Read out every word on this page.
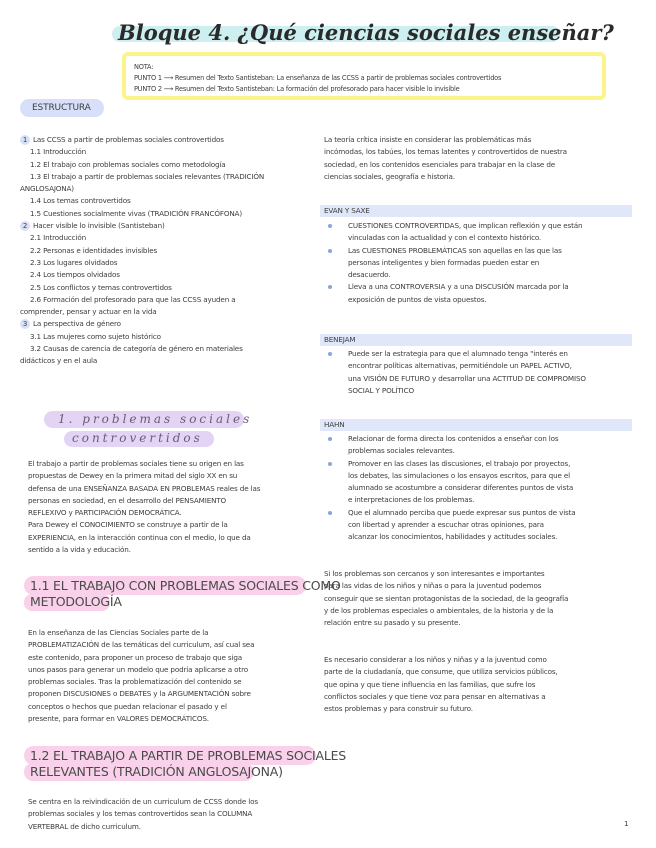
Bloque 4. ¿Qué ciencias sociales enseñar?
NOTA:
PUNTO 1 ⟶ Resumen del Texto Santisteban: La enseñanza de las CCSS a partir de problemas sociales controvertidos
PUNTO 2 ⟶ Resumen del Texto Santisteban: La formación del profesorado para hacer visible lo invisible
ESTRUCTURA
1 Las CCSS a partir de problemas sociales controvertidos
1.1 Introducción
1.2 El trabajo con problemas sociales como metodología
1.3 El trabajo a partir de problemas sociales relevantes (TRADICIÓN
ANGLOSAJONA)
1.4 Los temas controvertidos
1.5 Cuestiones socialmente vivas (TRADICIÓN FRANCÓFONA)
2 Hacer visible lo invisible (Santisteban)
2.1 Introducción
2.2 Personas e identidades invisibles
2.3 Los lugares olvidados
2.4 Los tiempos olvidados
2.5 Los conflictos y temas controvertidos
2.6 Formación del profesorado para que las CCSS ayuden a
comprender, pensar y actuar en la vida
3 La perspectiva de género
3.1 Las mujeres como sujeto histórico
3.2 Causas de carencia de categoría de género en materiales
didácticos y en el aula
1. problemas sociales
controvertidos
El trabajo a partir de problemas sociales tiene su origen en las
propuestas de Dewey en la primera mitad del siglo XX en su
defensa de una ENSEÑANZA BASADA EN PROBLEMAS reales de las
personas en sociedad, en el desarrollo del PENSAMIENTO
REFLEXIVO y PARTICIPACIÓN DEMOCRÁTICA.
Para Dewey el CONOCIMIENTO se construye a partir de la
EXPERIENCIA, en la interacción continua con el medio, lo que da
sentido a la vida y educación.
1.1 EL TRABAJO CON PROBLEMAS SOCIALES COMO
METODOLOGÍA
En la enseñanza de las Ciencias Sociales parte de la
PROBLEMATIZACIÓN de las temáticas del curriculum, así cual sea
este contenido, para proponer un proceso de trabajo que siga
unos pasos para generar un modelo que podría aplicarse a otro
problemas sociales. Tras la problematización del contenido se
proponen DISCUSIONES o DEBATES y la ARGUMENTACIÓN sobre
conceptos o hechos que puedan relacionar el pasado y el
presente, para formar en VALORES DEMOCRÁTICOS.
1.2 EL TRABAJO A PARTIR DE PROBLEMAS SOCIALES
RELEVANTES (TRADICIÓN ANGLOSAJONA)
Se centra en la reivindicación de un curriculum de CCSS donde los
problemas sociales y los temas controvertidos sean la COLUMNA
VERTEBRAL de dicho curriculum.
La teoría crítica insiste en considerar las problemáticas más
incómodas, los tabúes, los temas latentes y controvertidos de nuestra
sociedad, en los contenidos esenciales para trabajar en la clase de
ciencias sociales, geografía e historia.
EVAN Y SAXE
CUESTIONES CONTROVERTIDAS, que implican reflexión y que están
vinculadas con la actualidad y con el contexto histórico.
Las CUESTIONES PROBLEMÁTICAS son aquellas en las que las
personas inteligentes y bien formadas pueden estar en
desacuerdo.
Lleva a una CONTROVERSIA y a una DISCUSIÓN marcada por la
exposición de puntos de vista opuestos.
BENEJAM
Puede ser la estrategia para que el alumnado tenga "interés en
encontrar políticas alternativas, permitiéndole un PAPEL ACTIVO,
una VISIÓN DE FUTURO y desarrollar una ACTITUD DE COMPROMISO
SOCIAL Y POLÍTICO
HAHN
Relacionar de forma directa los contenidos a enseñar con los
problemas sociales relevantes.
Promover en las clases las discusiones, el trabajo por proyectos,
los debates, las simulaciones o los ensayos escritos, para que el
alumnado se acostumbre a considerar diferentes puntos de vista
e interpretaciones de los problemas.
Que el alumnado perciba que puede expresar sus puntos de vista
con libertad y aprender a escuchar otras opiniones, para
alcanzar los conocimientos, habilidades y actitudes sociales.
Si los problemas son cercanos y son interesantes e importantes
para las vidas de los niños y niñas o para la juventud podemos
conseguir que se sientan protagonistas de la sociedad, de la geografía
y de los problemas especiales o ambientales, de la historia y de la
relación entre su pasado y su presente.
Es necesario considerar a los niños y niñas y a la juventud como
parte de la ciudadanía, que consume, que utiliza servicios públicos,
que opina y que tiene influencia en las familias, que sufre los
conflictos sociales y que tiene voz para pensar en alternativas a
estos problemas y para construir su futuro.
1
